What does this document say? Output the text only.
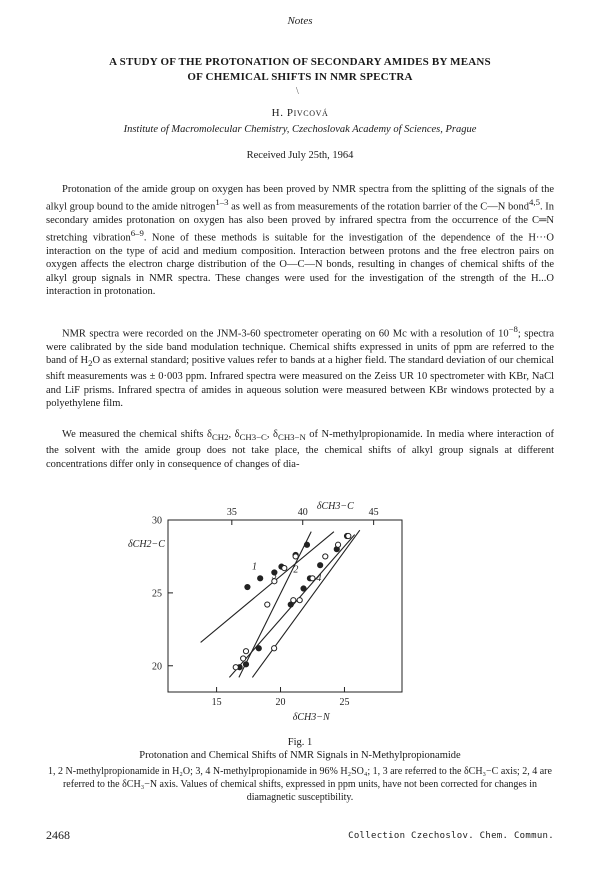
Notes
A STUDY OF THE PROTONATION OF SECONDARY AMIDES BY MEANS
OF CHEMICAL SHIFTS IN NMR SPECTRA
\
H. Pivcová
Institute of Macromolecular Chemistry, Czechoslovak Academy of Sciences, Prague
Received July 25th, 1964

Protonation of the amide group on oxygen has been proved by NMR spectra from the splitting of the signals of the alkyl group bound to the amide nitrogen$^{1-3}$ as well as from measurements of the rotation barrier of the C—N bond$^{4,5}$. In secondary amides protonation on oxygen has also been proved by infrared spectra from the occurrence of the C═N stretching vibration$^{6-9}$. None of these methods is suitable for the investigation of the dependence of the H···O interaction on the type of acid and medium composition. Interaction between protons and the free electron pairs on oxygen affects the electron charge distribution of the O—C—N bonds, resulting in changes of chemical shifts of the alkyl group signals in NMR spectra. These changes were used for the investigation of the strength of the H...O interaction in protonation.

NMR spectra were recorded on the JNM-3-60 spectrometer operating on 60 Mc with a resolution of $10^{-8}$; spectra were calibrated by the side band modulation technique. Chemical shifts expressed in units of ppm are referred to the band of $H_2O$ as external standard; positive values refer to bands at a higher field. The standard deviation of our chemical shift measurements was ± 0·003 ppm. Infrared spectra were measured on the Zeiss UR 10 spectrometer with KBr, NaCl and LiF prisms. Infrared spectra of amides in aqueous solution were measured between KBr windows protected by a polyethylene film.

We measured the chemical shifts $\delta_{CH2}$, $\delta_{CH3-C}$, $\delta_{CH3-N}$ of N-methylpropionamide. In media where interaction of the solvent with the amide group does not take place, the chemical shifts of alkyl group signals at different concentrations differ only in consequence of changes of dia-

35	40	45
15	20	25
30
25
20
δCH3−C
δCH2−C
δCH3−N
1
3
2
4
Fig. 1
Protonation and Chemical Shifts of NMR Signals in N-Methylpropionamide
1, 2 N-methylpropionamide in H₂O; 3, 4 N-methylpropionamide in 96% H₂SO₄; 1, 3 are referred to the δCH₃−C axis; 2, 4 are referred to the δCH₃−N axis. Values of chemical shifts, expressed in ppm units, have not been corrected for changes in diamagnetic susceptibility.
2468	Collection Czechoslov. Chem. Commun.
